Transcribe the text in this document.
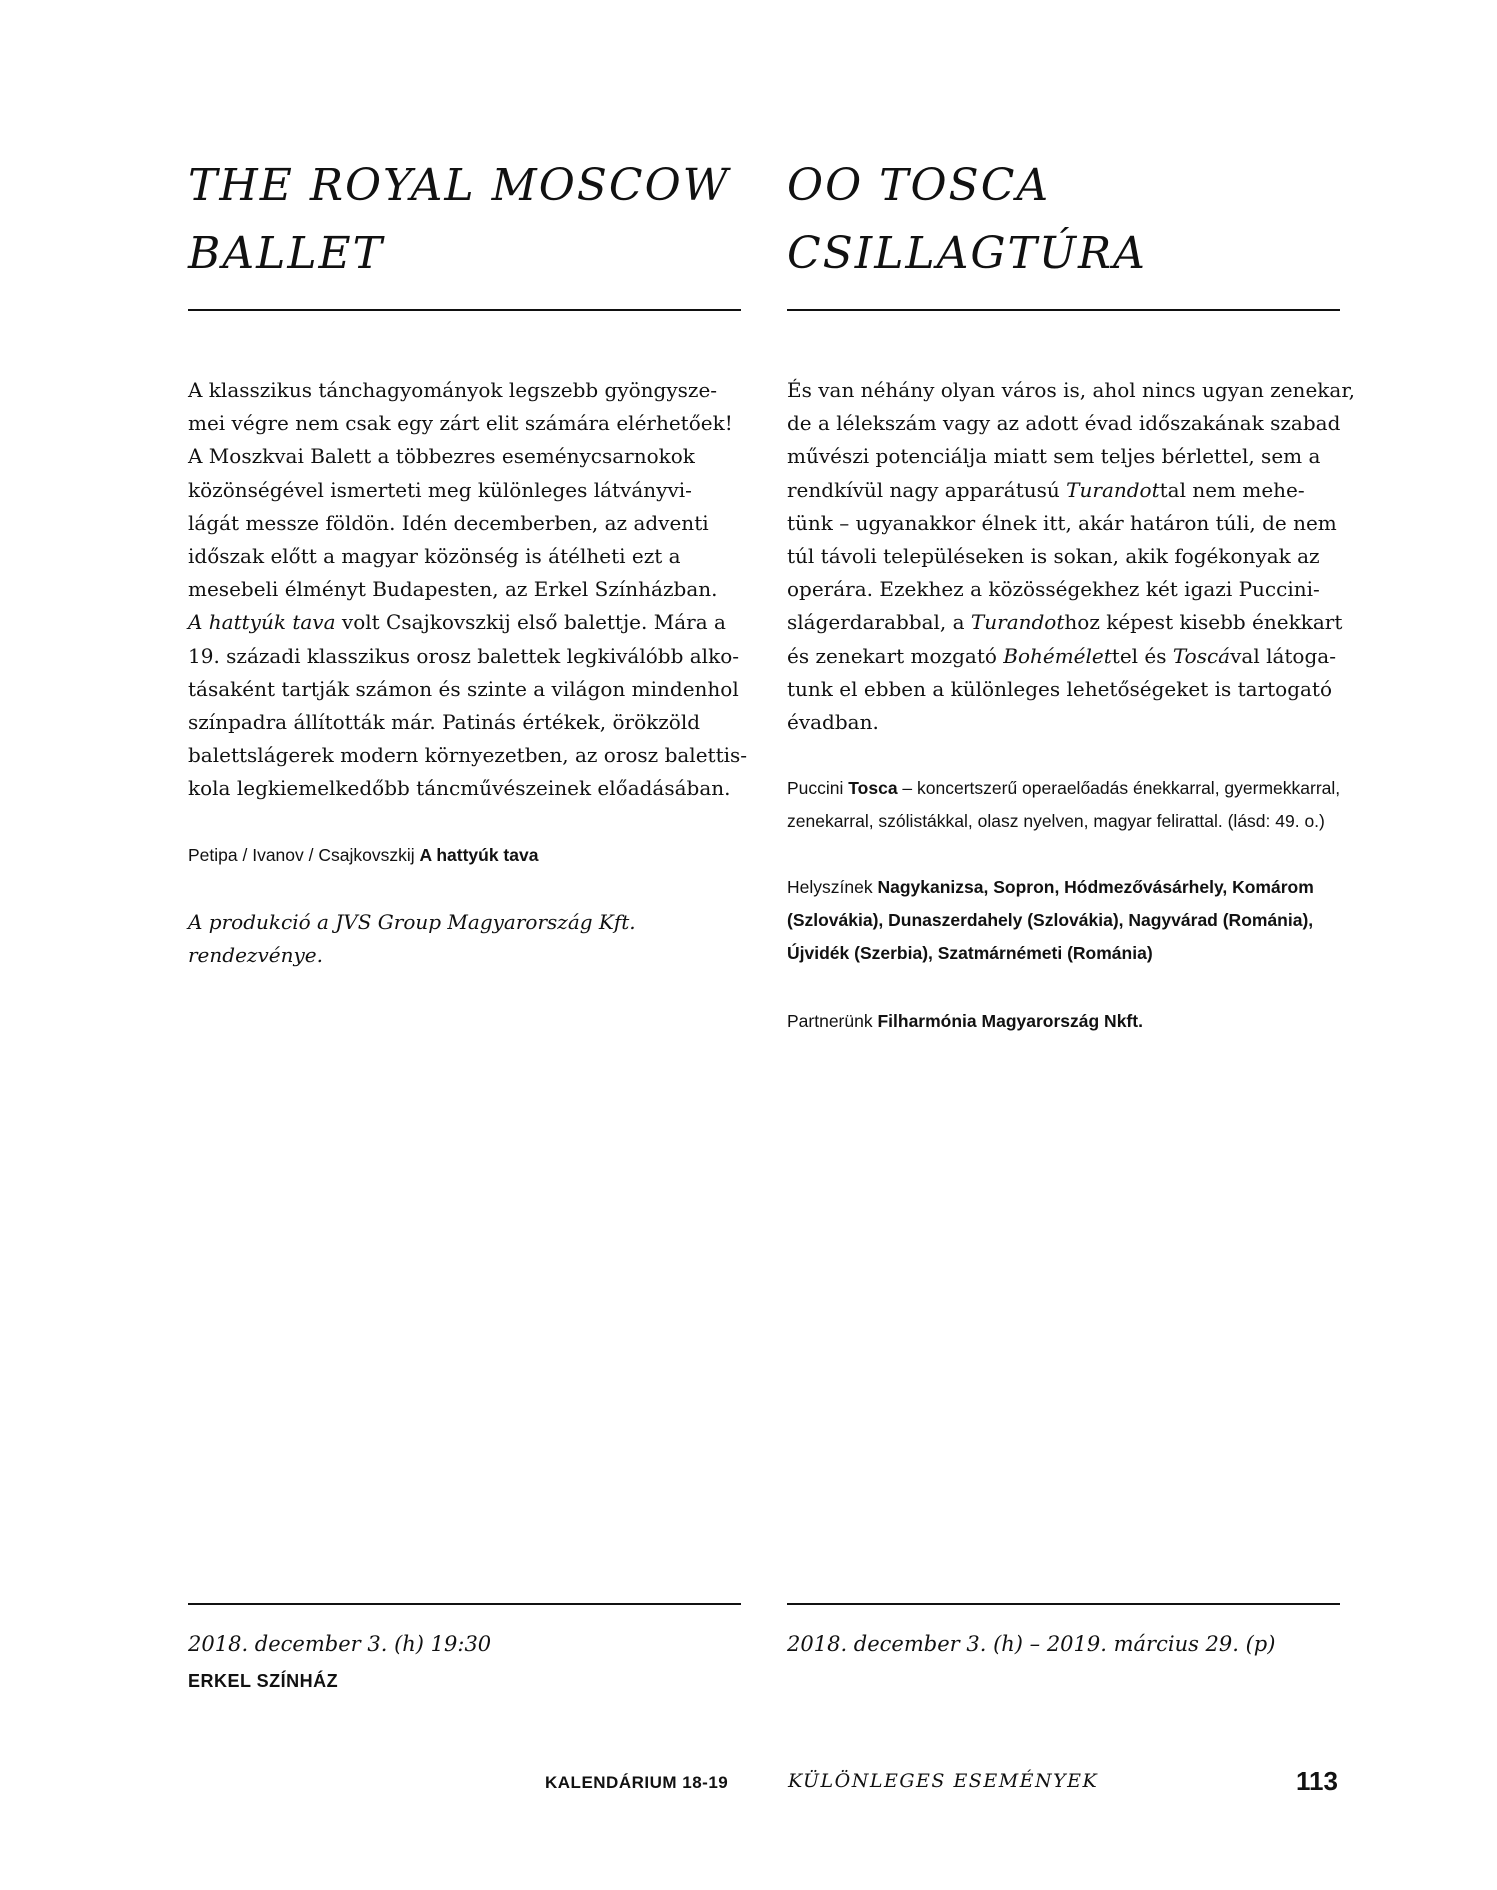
THE ROYAL MOSCOW
BALLET
A klasszikus tánchagyományok legszebb gyöngysze-
mei végre nem csak egy zárt elit számára elérhetőek!
A Moszkvai Balett a többezres eseménycsarnokok
közönségével ismerteti meg különleges látványvi-
lágát messze földön. Idén decemberben, az adventi
időszak előtt a magyar közönség is átélheti ezt a
mesebeli élményt Budapesten, az Erkel Színházban.
A hattyúk tava volt Csajkovszkij első balettje. Mára a
19. századi klasszikus orosz balettek legkiválóbb alko-
tásaként tartják számon és szinte a világon mindenhol
színpadra állították már. Patinás értékek, örökzöld
balettslágerek modern környezetben, az orosz balettis-
kola legkiemelkedőbb táncművészeinek előadásában.
Petipa / Ivanov / Csajkovszkij A hattyúk tava
A produkció a JVS Group Magyarország Kft.
rendezvénye.
2018. december 3. (h) 19:30
ERKEL SZÍNHÁZ
OO TOSCA
CSILLAGTÚRA
És van néhány olyan város is, ahol nincs ugyan zenekar,
de a lélekszám vagy az adott évad időszakának szabad
művészi potenciálja miatt sem teljes bérlettel, sem a
rendkívül nagy apparátusú Turandottal nem mehe-
tünk – ugyanakkor élnek itt, akár határon túli, de nem
túl távoli településeken is sokan, akik fogékonyak az
operára. Ezekhez a közösségekhez két igazi Puccini-
slágerdarabbal, a Turandothoz képest kisebb énekkart
és zenekart mozgató Bohémélettel és Toscával látoga-
tunk el ebben a különleges lehetőségeket is tartogató
évadban.
Puccini Tosca – koncertszerű operaelőadás énekkarral, gyermekkarral,
zenekarral, szólistákkal, olasz nyelven, magyar felirattal. (lásd: 49. o.)
Helyszínek Nagykanizsa, Sopron, Hódmezővásárhely, Komárom
(Szlovákia), Dunaszerdahely (Szlovákia), Nagyvárad (Románia),
Újvidék (Szerbia), Szatmárnémeti (Románia)
Partnerünk Filharmónia Magyarország Nkft.
2018. december 3. (h) – 2019. március 29. (p)
KALENDÁRIUM 18-19	KÜLÖNLEGES ESEMÉNYEK	113
